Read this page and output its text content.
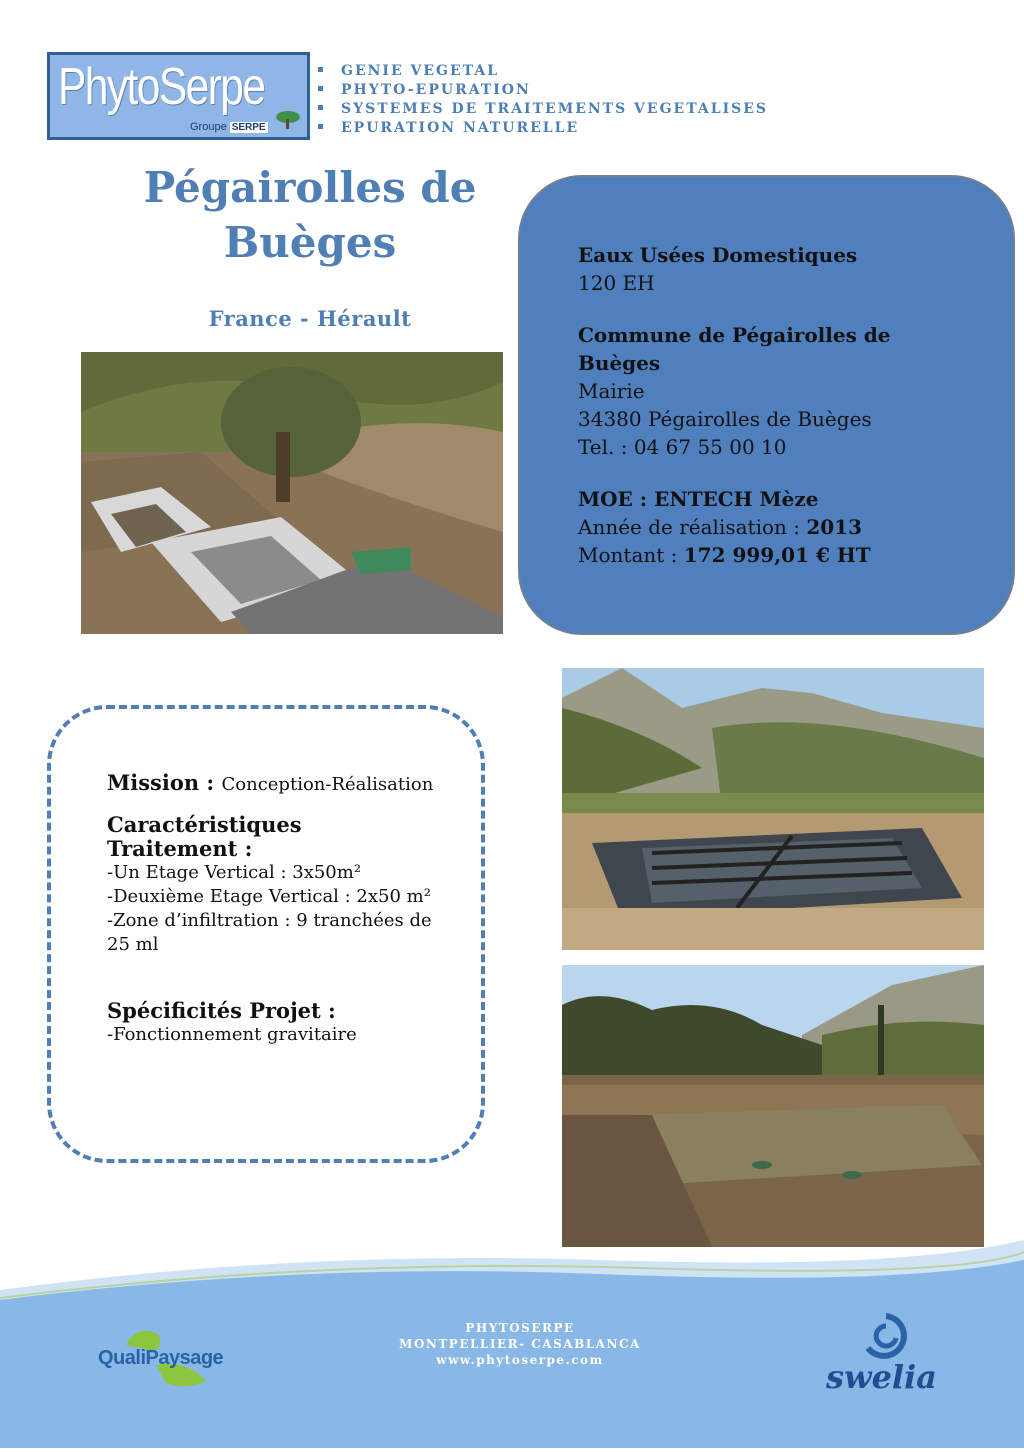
PhytoSerpe
Groupe SERPE
GENIE VEGETAL
PHYTO-EPURATION
SYSTEMES DE TRAITEMENTS VEGETALISES
EPURATION NATURELLE
Pégairolles de
Buèges
France - Hérault

Eaux Usées Domestiques
120 EH

Commune de Pégairolles de
Buèges
Mairie
34380 Pégairolles de Buèges
Tel. : 04 67 55 00 10

MOE : ENTECH Mèze
Année de réalisation : 2013
Montant : 172 999,01 € HT

Mission : Conception-Réalisation
Caractéristiques
Traitement :
-Un Etage Vertical : 3x50m²
-Deuxième Etage Vertical : 2x50 m²
-Zone d’infiltration : 9 tranchées de 25 ml
Spécificités Projet :
-Fonctionnement gravitaire
PHYTOSERPE
MONTPELLIER- CASABLANCA
www.phytoserpe.com
QualiPaysage	swelia
